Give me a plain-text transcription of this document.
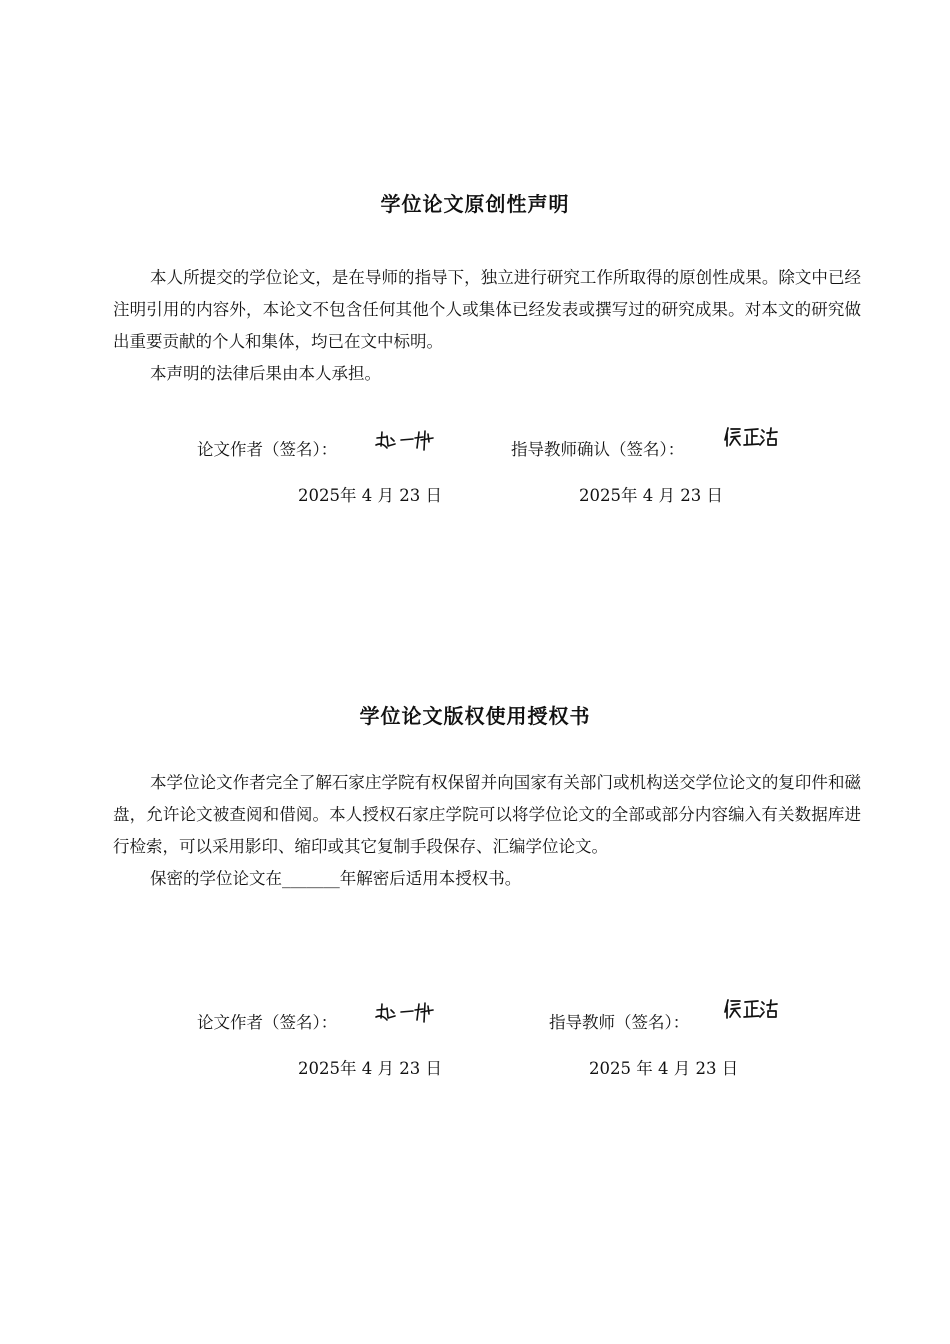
学位论文原创性声明

本人所提交的学位论文，是在导师的指导下，独立进行研究工作所取得的原创性成果。除文中已经注明引用的内容外，本论文不包含任何其他个人或集体已经发表或撰写过的研究成果。对本文的研究做出重要贡献的个人和集体，均已在文中标明。

本声明的法律后果由本人承担。

论文作者（签名）：	指导教师确认（签名）：
2025年 4 月 23 日	2025年 4 月 23 日
学位论文版权使用授权书

本学位论文作者完全了解石家庄学院有权保留并向国家有关部门或机构送交学位论文的复印件和磁盘，允许论文被查阅和借阅。本人授权石家庄学院可以将学位论文的全部或部分内容编入有关数据库进行检索，可以采用影印、缩印或其它复制手段保存、汇编学位论文。

保密的学位论文在_______年解密后适用本授权书。

论文作者（签名）：	指导教师（签名）：
2025年 4 月 23 日	2025 年 4 月 23 日
